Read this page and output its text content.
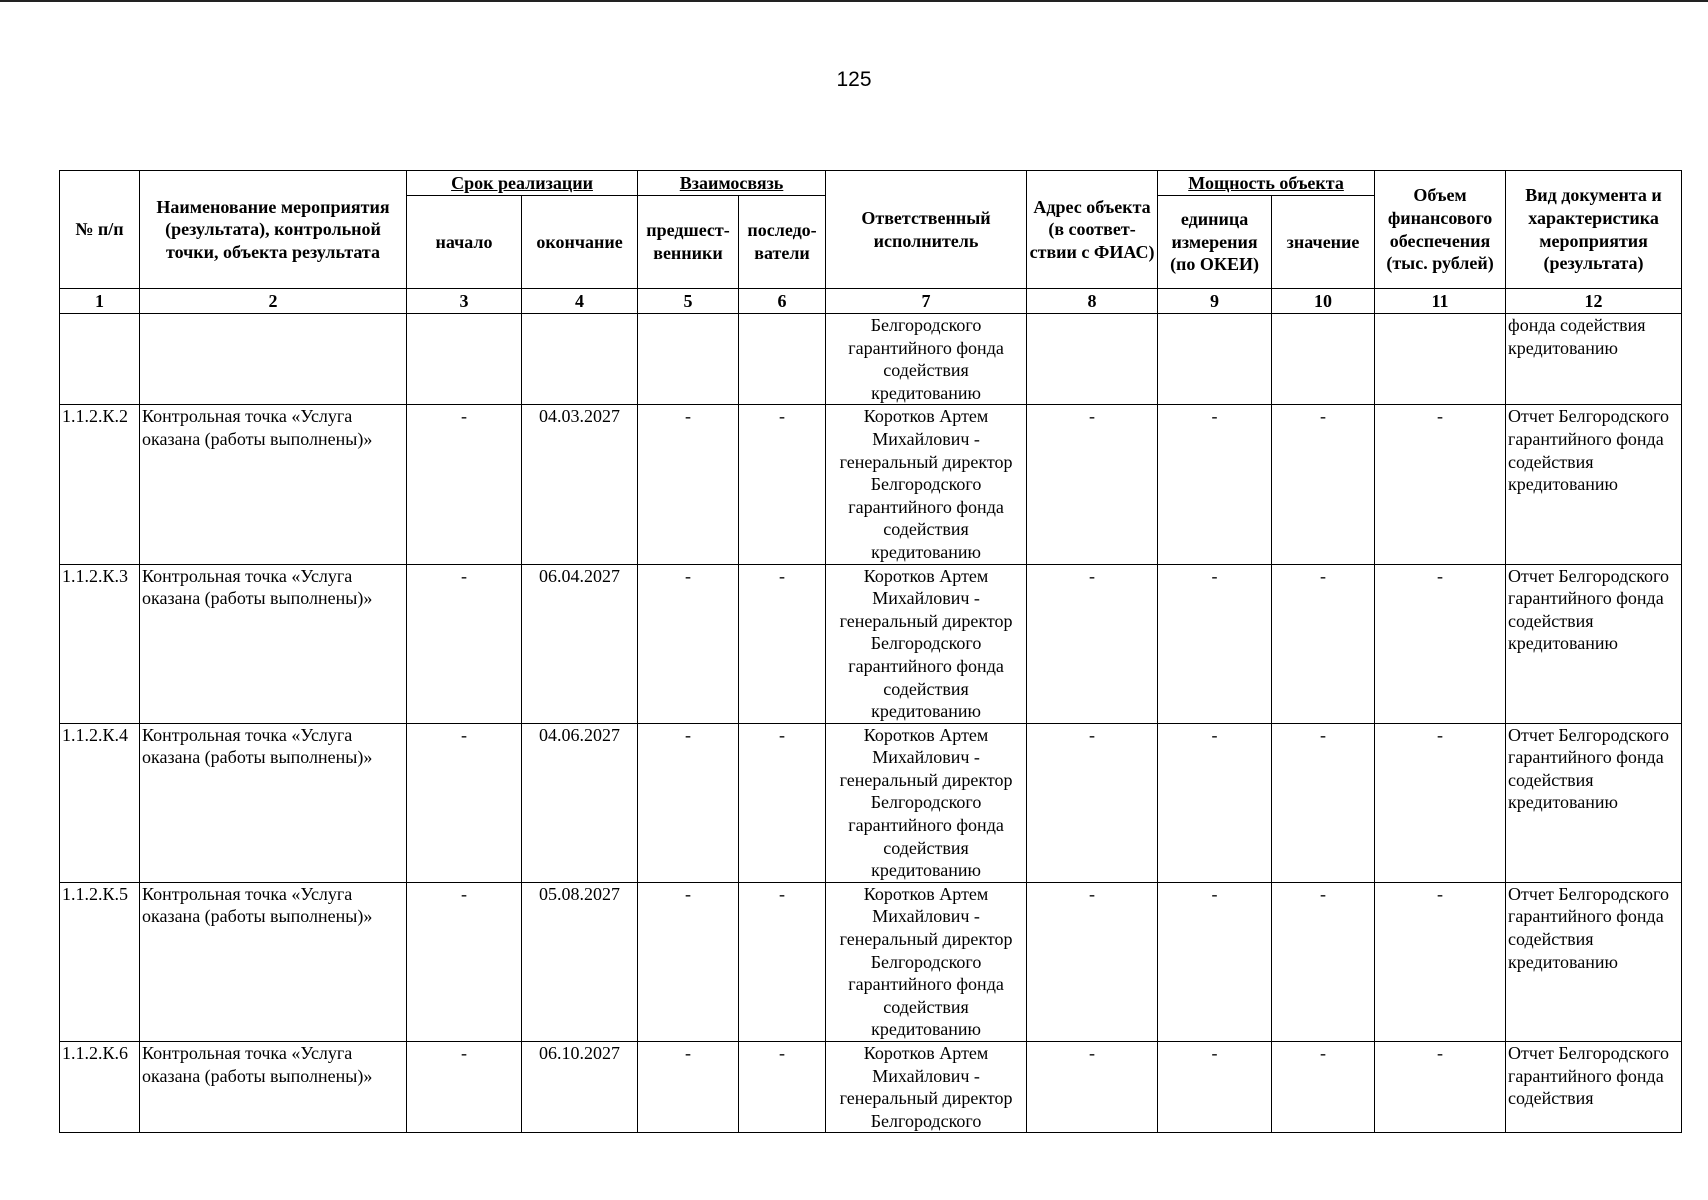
125
№ п/п	Наименование мероприятия (результата), контрольной точки, объекта результата	Срок реализации		Взаимосвязь		Ответственный исполнитель	Адрес объекта (в соответ-ствии с ФИАС)	Мощность объекта		Объем финансового обеспечения (тыс. рублей)	Вид документа и характеристика мероприятия (результата)
		начало	окончание	предшест-венники	последо-ватели			единица измерения (по ОКЕИ)	значение		
1	2	3	4	5	6	7	8	9	10	11	12
						Белгородского гарантийного фонда содействия кредитованию					фонда содействия кредитованию
1.1.2.К.2	Контрольная точка «Услуга оказана (работы выполнены)»	-	04.03.2027	-	-	Коротков Артем Михайлович - генеральный директор Белгородского гарантийного фонда содействия кредитованию	-	-	-	-	Отчет Белгородского гарантийного фонда содействия кредитованию
1.1.2.К.3	Контрольная точка «Услуга оказана (работы выполнены)»	-	06.04.2027	-	-	Коротков Артем Михайлович - генеральный директор Белгородского гарантийного фонда содействия кредитованию	-	-	-	-	Отчет Белгородского гарантийного фонда содействия кредитованию
1.1.2.К.4	Контрольная точка «Услуга оказана (работы выполнены)»	-	04.06.2027	-	-	Коротков Артем Михайлович - генеральный директор Белгородского гарантийного фонда содействия кредитованию	-	-	-	-	Отчет Белгородского гарантийного фонда содействия кредитованию
1.1.2.К.5	Контрольная точка «Услуга оказана (работы выполнены)»	-	05.08.2027	-	-	Коротков Артем Михайлович - генеральный директор Белгородского гарантийного фонда содействия кредитованию	-	-	-	-	Отчет Белгородского гарантийного фонда содействия кредитованию
1.1.2.К.6	Контрольная точка «Услуга оказана (работы выполнены)»	-	06.10.2027	-	-	Коротков Артем Михайлович - генеральный директор Белгородского	-	-	-	-	Отчет Белгородского гарантийного фонда содействия
